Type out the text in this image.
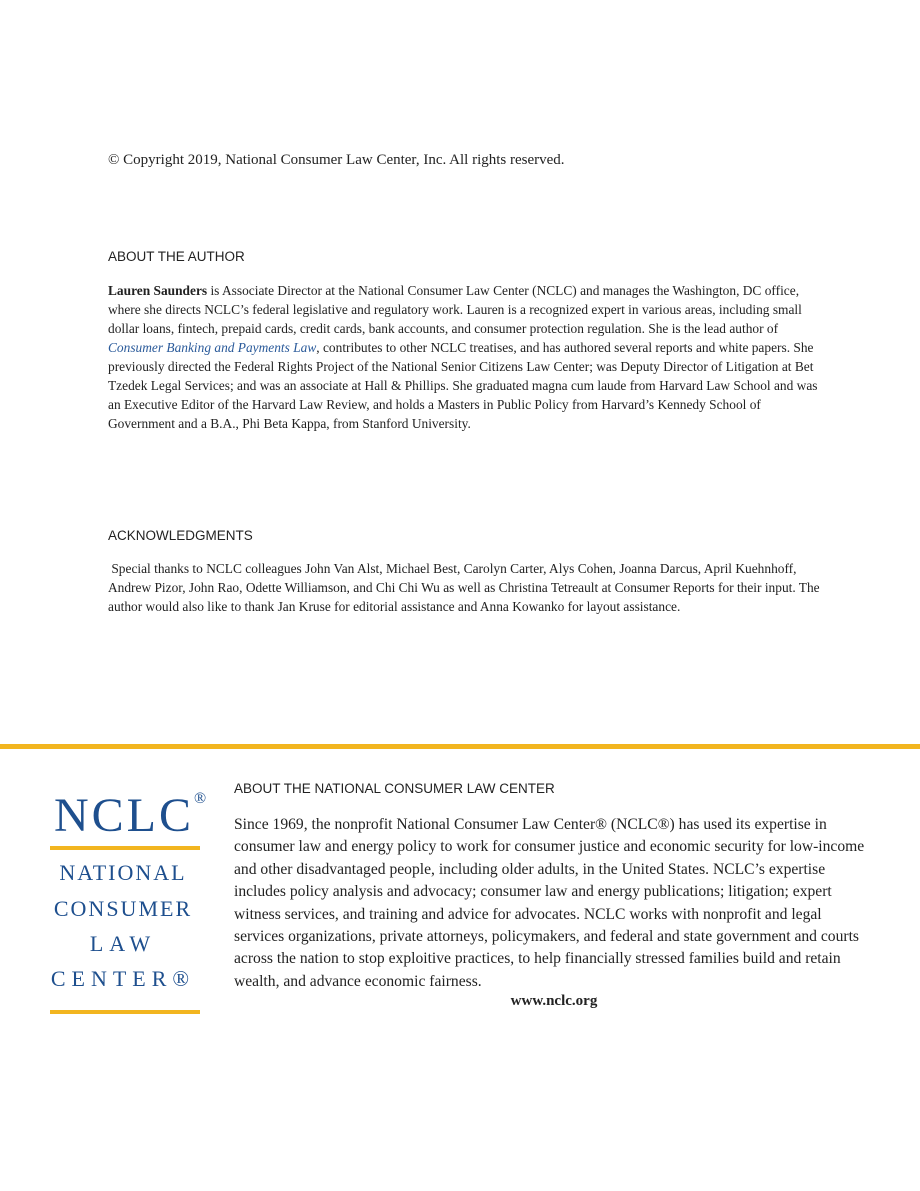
© Copyright 2019, National Consumer Law Center, Inc. All rights reserved.
ABOUT THE AUTHOR
Lauren Saunders is Associate Director at the National Consumer Law Center (NCLC) and manages the Washington, DC office, where she directs NCLC’s federal legislative and regulatory work. Lauren is a recognized expert in various areas, including small dollar loans, fintech, prepaid cards, credit cards, bank accounts, and consumer protection regulation. She is the lead author of Consumer Banking and Payments Law, contributes to other NCLC treatises, and has authored several reports and white papers. She previously directed the Federal Rights Project of the National Senior Citizens Law Center; was Deputy Director of Litigation at Bet Tzedek Legal Services; and was an associate at Hall & Phillips. She graduated magna cum laude from Harvard Law School and was an Executive Editor of the Harvard Law Review, and holds a Masters in Public Policy from Harvard’s Kennedy School of Government and a B.A., Phi Beta Kappa, from Stanford University.
ACKNOWLEDGMENTS
Special thanks to NCLC colleagues John Van Alst, Michael Best, Carolyn Carter, Alys Cohen, Joanna Darcus, April Kuehnhoff, Andrew Pizor, John Rao, Odette Williamson, and Chi Chi Wu as well as Christina Tetreault at Consumer Reports for their input. The author would also like to thank Jan Kruse for editorial assistance and Anna Kowanko for layout assistance.
NCLC ®
NATIONAL
CONSUMER
LAW
CENTER®
ABOUT THE NATIONAL CONSUMER LAW CENTER
Since 1969, the nonprofit National Consumer Law Center® (NCLC®) has used its expertise in consumer law and energy policy to work for consumer justice and economic security for low-income and other disadvantaged people, including older adults, in the United States. NCLC’s expertise includes policy analysis and advocacy; consumer law and energy publications; litigation; expert witness services, and training and advice for advocates. NCLC works with nonprofit and legal services organizations, private attorneys, policymakers, and federal and state government and courts across the nation to stop exploitive practices, to help financially stressed families build and retain wealth, and advance economic fairness.
www.nclc.org
